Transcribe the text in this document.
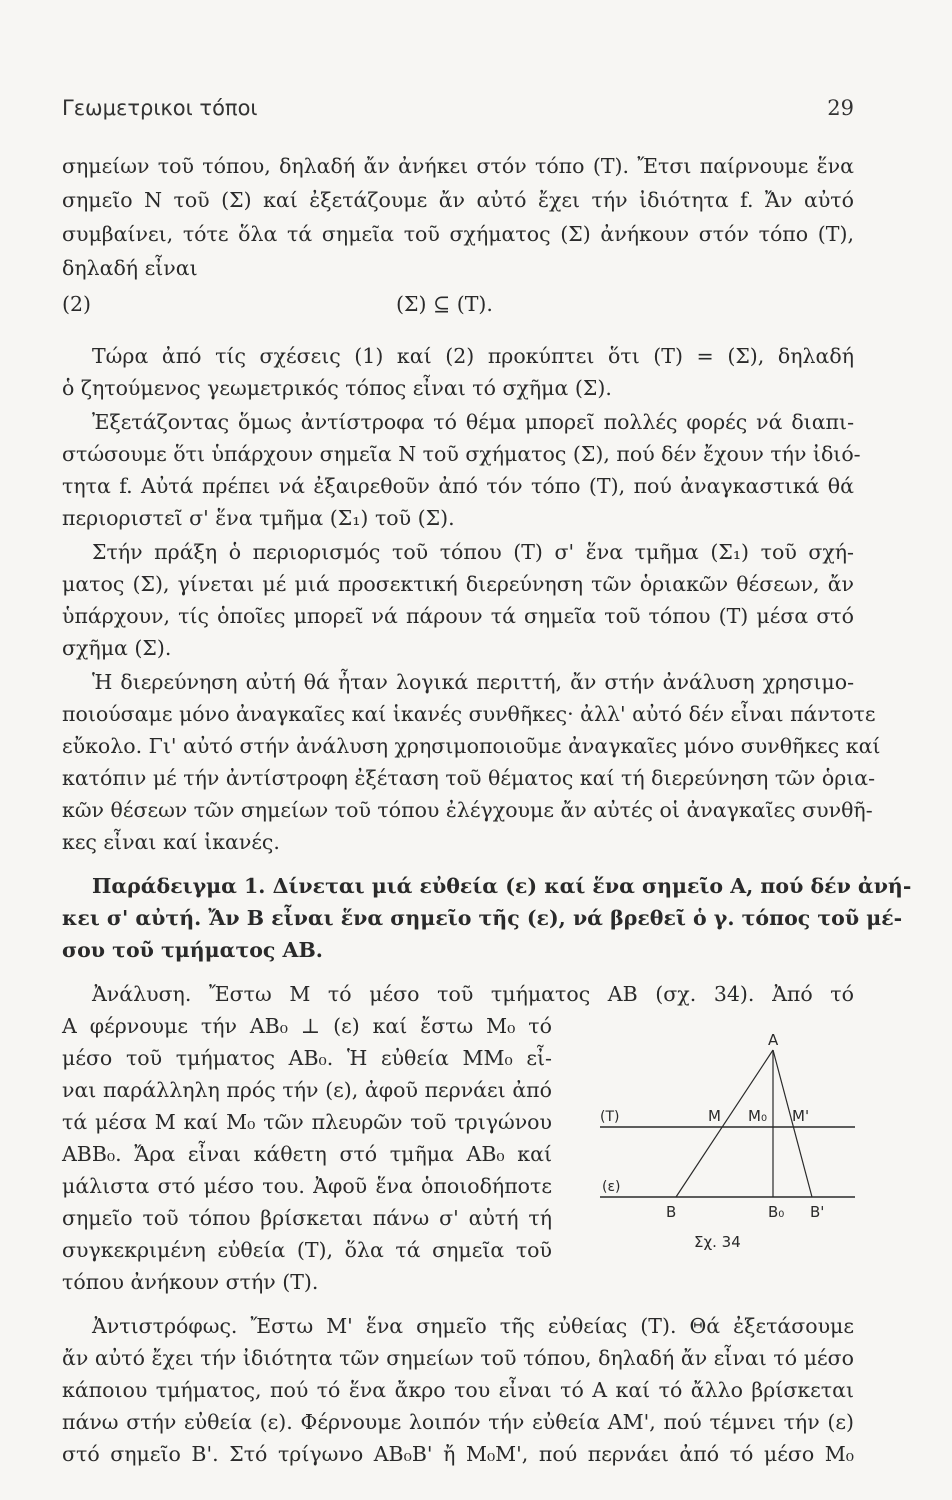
Γεωμετρικοι τόποι	29
σημείων τοῦ τόπου, δηλαδή ἄν ἀνήκει στόν τόπο (Τ). Ἔτσι παίρνουμε ἕνα
σημεῖο Ν τοῦ (Σ) καί ἐξετάζουμε ἄν αὐτό ἔχει τήν ἰδιότητα f. Ἄν αὐτό
συμβαίνει, τότε ὅλα τά σημεῖα τοῦ σχήματος (Σ) ἀνήκουν στόν τόπο (Τ),
δηλαδή εἶναι
(2)	(Σ) ⊆ (Τ).
Τώρα ἀπό τίς σχέσεις (1) καί (2) προκύπτει ὅτι (Τ) = (Σ), δηλαδή
ὁ ζητούμενος γεωμετρικός τόπος εἶναι τό σχῆμα (Σ).
Ἐξετάζοντας ὅμως ἀντίστροφα τό θέμα μπορεῖ πολλές φορές νά διαπι-
στώσουμε ὅτι ὑπάρχουν σημεῖα Ν τοῦ σχήματος (Σ), πού δέν ἔχουν τήν ἰδιό-
τητα f. Αὐτά πρέπει νά ἐξαιρεθοῦν ἀπό τόν τόπο (Τ), πού ἀναγκαστικά θά
περιοριστεῖ σ' ἕνα τμῆμα (Σ₁) τοῦ (Σ).
Στήν πράξη ὁ περιορισμός τοῦ τόπου (Τ) σ' ἕνα τμῆμα (Σ₁) τοῦ σχή-
ματος (Σ), γίνεται μέ μιά προσεκτική διερεύνηση τῶν ὁριακῶν θέσεων, ἄν
ὑπάρχουν, τίς ὁποῖες μπορεῖ νά πάρουν τά σημεῖα τοῦ τόπου (Τ) μέσα στό
σχῆμα (Σ).
Ἡ διερεύνηση αὐτή θά ἦταν λογικά περιττή, ἄν στήν ἀνάλυση χρησιμο-
ποιούσαμε μόνο ἀναγκαῖες καί ἱκανές συνθῆκες· ἀλλ' αὐτό δέν εἶναι πάντοτε
εὔκολο. Γι' αὐτό στήν ἀνάλυση χρησιμοποιοῦμε ἀναγκαῖες μόνο συνθῆκες καί
κατόπιν μέ τήν ἀντίστροφη ἐξέταση τοῦ θέματος καί τή διερεύνηση τῶν ὁρια-
κῶν θέσεων τῶν σημείων τοῦ τόπου ἐλέγχουμε ἄν αὐτές οἱ ἀναγκαῖες συνθῆ-
κες εἶναι καί ἱκανές.
Παράδειγμα 1. Δίνεται μιά εὐθεία (ε) καί ἕνα σημεῖο Α, πού δέν ἀνή-
κει σ' αὐτή. Ἄν Β εἶναι ἕνα σημεῖο τῆς (ε), νά βρεθεῖ ὁ γ. τόπος τοῦ μέ-
σου τοῦ τμήματος ΑΒ.
Ἀνάλυση. Ἔστω Μ τό μέσο τοῦ τμήματος ΑΒ (σχ. 34). Ἀπό τό
Α φέρνουμε τήν ΑΒ₀ ⊥ (ε) καί ἔστω Μ₀ τό
μέσο τοῦ τμήματος ΑΒ₀. Ἡ εὐθεία ΜΜ₀ εἶ-
ναι παράλληλη πρός τήν (ε), ἀφοῦ περνάει ἀπό
τά μέσα Μ καί Μ₀ τῶν πλευρῶν τοῦ τριγώνου
ΑΒΒ₀. Ἄρα εἶναι κάθετη στό τμῆμα ΑΒ₀ καί
μάλιστα στό μέσο του. Ἀφοῦ ἕνα ὁποιοδήποτε
σημεῖο τοῦ τόπου βρίσκεται πάνω σ' αὐτή τή
συγκεκριμένη εὐθεία (Τ), ὅλα τά σημεῖα τοῦ
τόπου ἀνήκουν στήν (Τ).
Ἀντιστρόφως. Ἔστω Μ' ἕνα σημεῖο τῆς εὐθείας (Τ). Θά ἐξετάσουμε
ἄν αὐτό ἔχει τήν ἰδιότητα τῶν σημείων τοῦ τόπου, δηλαδή ἄν εἶναι τό μέσο
κάποιου τμήματος, πού τό ἕνα ἄκρο του εἶναι τό Α καί τό ἄλλο βρίσκεται
πάνω στήν εὐθεία (ε). Φέρνουμε λοιπόν τήν εὐθεία ΑΜ', πού τέμνει τήν (ε)
στό σημεῖο Β'. Στό τρίγωνο ΑΒ₀Β' ἤ Μ₀Μ', πού περνάει ἀπό τό μέσο Μ₀
Α
Μ Μ₀ Μ'
(Τ)
(ε)
Β	Β₀ Β'
Σχ. 34
